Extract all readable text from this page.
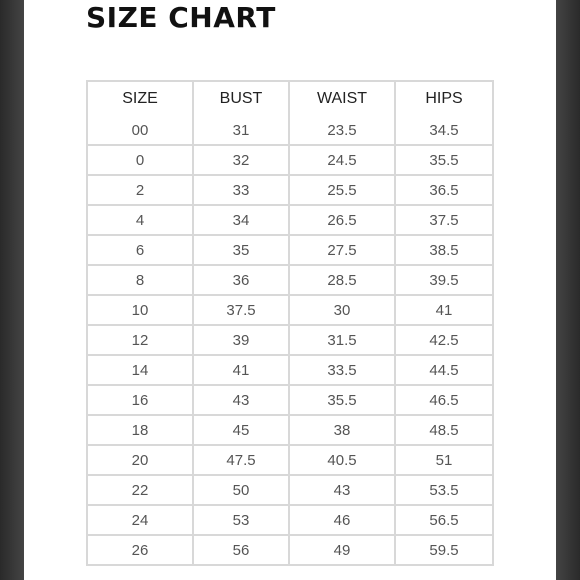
SIZE CHART
SIZE	BUST	WAIST	HIPS
00	31	23.5	34.5
0	32	24.5	35.5
2	33	25.5	36.5
4	34	26.5	37.5
6	35	27.5	38.5
8	36	28.5	39.5
10	37.5	30	41
12	39	31.5	42.5
14	41	33.5	44.5
16	43	35.5	46.5
18	45	38	48.5
20	47.5	40.5	51
22	50	43	53.5
24	53	46	56.5
26	56	49	59.5
